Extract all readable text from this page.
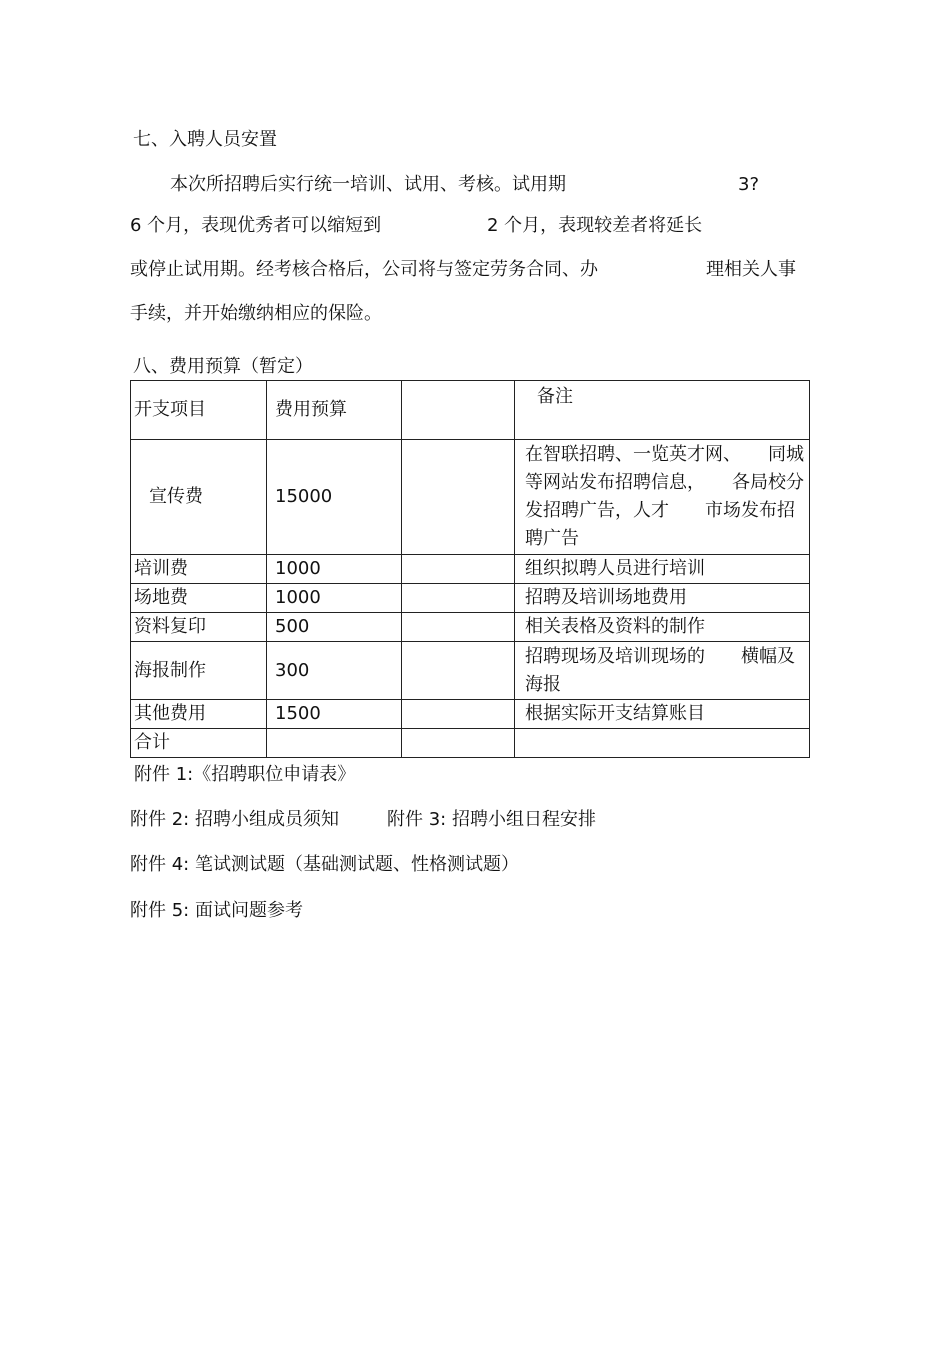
七、入聘人员安置
本次所招聘后实行统一培训、试用、考核。试用期	3?
6 个月，表现优秀者可以缩短到	2 个月，表现较差者将延长
或停止试用期。经考核合格后，公司将与签定劳务合同、办	理相关人事
手续，并开始缴纳相应的保险。
八、费用预算（暂定）
开支项目	费用预算		备注
宣传费	15000		在智联招聘、一览英才网、　　同城等网站发布招聘信息，　　各局校分发招聘广告，人才　　市场发布招聘广告
培训费	1000		组织拟聘人员进行培训
场地费	1000		招聘及培训场地费用
资料复印	500		相关表格及资料的制作
海报制作	300		招聘现场及培训现场的　　横幅及海报
其他费用	1500		根据实际开支结算账目
合计			
附件 1:《招聘职位申请表》
附件 2: 招聘小组成员须知	附件 3: 招聘小组日程安排
附件 4: 笔试测试题（基础测试题、性格测试题）
附件 5: 面试问题参考
